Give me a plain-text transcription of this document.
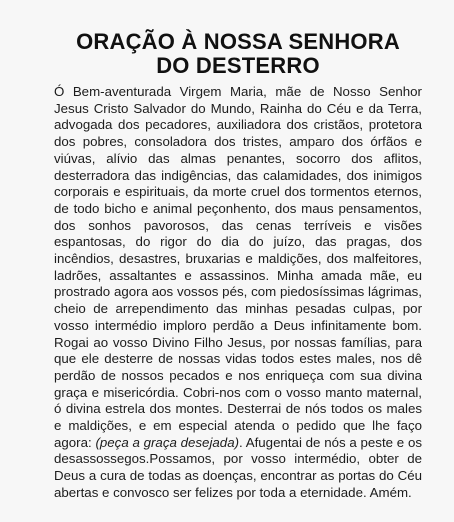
ORAÇÃO À NOSSA SENHORA
DO DESTERRO

Ó Bem-aventurada Virgem Maria, mãe de Nosso Senhor Jesus Cristo Salvador do Mundo, Rainha do Céu e da Terra, advogada dos pecadores, auxiliadora dos cristãos, protetora dos pobres, consoladora dos tristes, amparo dos órfãos e viúvas, alívio das almas penantes, socorro dos aflitos, desterradora das indigências, das calamidades, dos inimigos corporais e espirituais, da morte cruel dos tormentos eternos, de todo bicho e animal peçonhento, dos maus pensamentos, dos sonhos pavorosos, das cenas terríveis e visões espantosas, do rigor do dia do juízo, das pragas, dos incêndios, desastres, bruxarias e maldições, dos malfeitores, ladrões, assaltantes e assassinos. Minha amada mãe, eu prostrado agora aos vossos pés, com piedosíssimas lágrimas, cheio de arrependimento das minhas pesadas culpas, por vosso intermédio imploro perdão a Deus infinitamente bom. Rogai ao vosso Divino Filho Jesus, por nossas famílias, para que ele desterre de nossas vidas todos estes males, nos dê perdão de nossos pecados e nos enriqueça com sua divina graça e misericórdia. Cobri-nos com o vosso manto maternal, ó divina estrela dos montes. Desterrai de nós todos os males e maldições, e em especial atenda o pedido que lhe faço agora: (peça a graça desejada). Afugentai de nós a peste e os desassossegos.Possamos, por vosso intermédio, obter de Deus a cura de todas as doenças, encontrar as portas do Céu abertas e convosco ser felizes por toda a eternidade. Amém.
